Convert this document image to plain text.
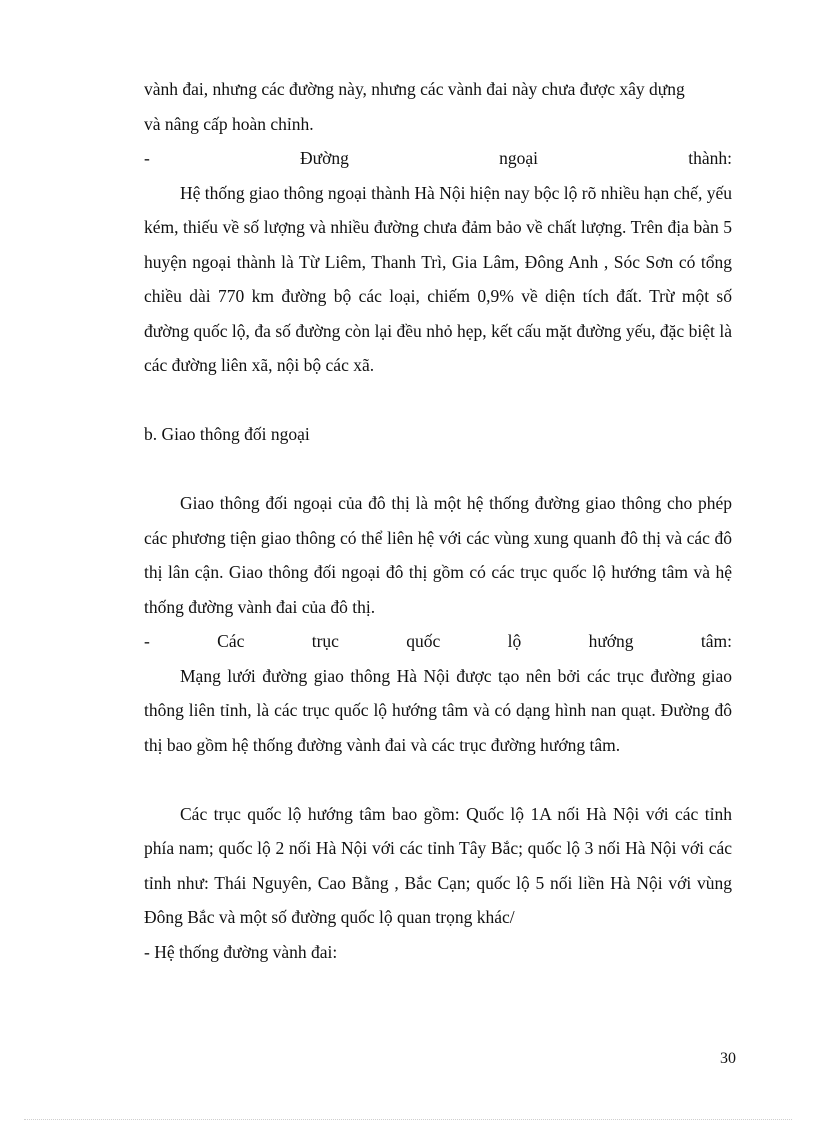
vành đai, nhưng các đường này, nhưng các vành đai này chưa được xây dựng
và nâng cấp hoàn chỉnh.
-	Đường	ngoại	thành:
Hệ thống giao thông ngoại thành Hà Nội hiện nay bộc lộ rõ nhiều hạn chế, yếu kém, thiếu về số lượng và nhiều đường chưa đảm bảo về chất lượng. Trên địa bàn 5 huyện ngoại thành là Từ Liêm, Thanh Trì, Gia Lâm, Đông Anh , Sóc Sơn có tổng chiều dài 770 km đường bộ các loại, chiếm 0,9% về diện tích đất. Trừ một số đường quốc lộ, đa số đường còn lại đều nhỏ hẹp, kết cấu mặt đường yếu, đặc biệt là các đường liên xã, nội bộ các xã.
b. Giao thông đối ngoại
Giao thông đối ngoại của đô thị là một hệ thống đường giao thông cho phép các phương tiện giao thông có thể liên hệ với các vùng xung quanh đô thị và các đô thị lân cận. Giao thông đối ngoại đô thị gồm có các trục quốc lộ hướng tâm và hệ thống đường vành đai của đô thị.
-	Các	trục	quốc	lộ	hướng	tâm:
Mạng lưới đường giao thông Hà Nội được tạo nên bởi các trục đường giao thông liên tỉnh, là các trục quốc lộ hướng tâm và có dạng hình nan quạt. Đường đô thị bao gồm hệ thống đường vành đai và các trục đường hướng tâm.
Các trục quốc lộ hướng tâm bao gồm: Quốc lộ 1A nối Hà Nội với các tỉnh phía nam; quốc lộ 2 nối Hà Nội với các tỉnh Tây Bắc; quốc lộ 3 nối Hà Nội với các tỉnh như: Thái Nguyên, Cao Bằng , Bắc Cạn; quốc lộ 5 nối liền Hà Nội với vùng Đông Bắc và một số đường quốc lộ quan trọng khác/
- Hệ thống đường vành đai:
30
